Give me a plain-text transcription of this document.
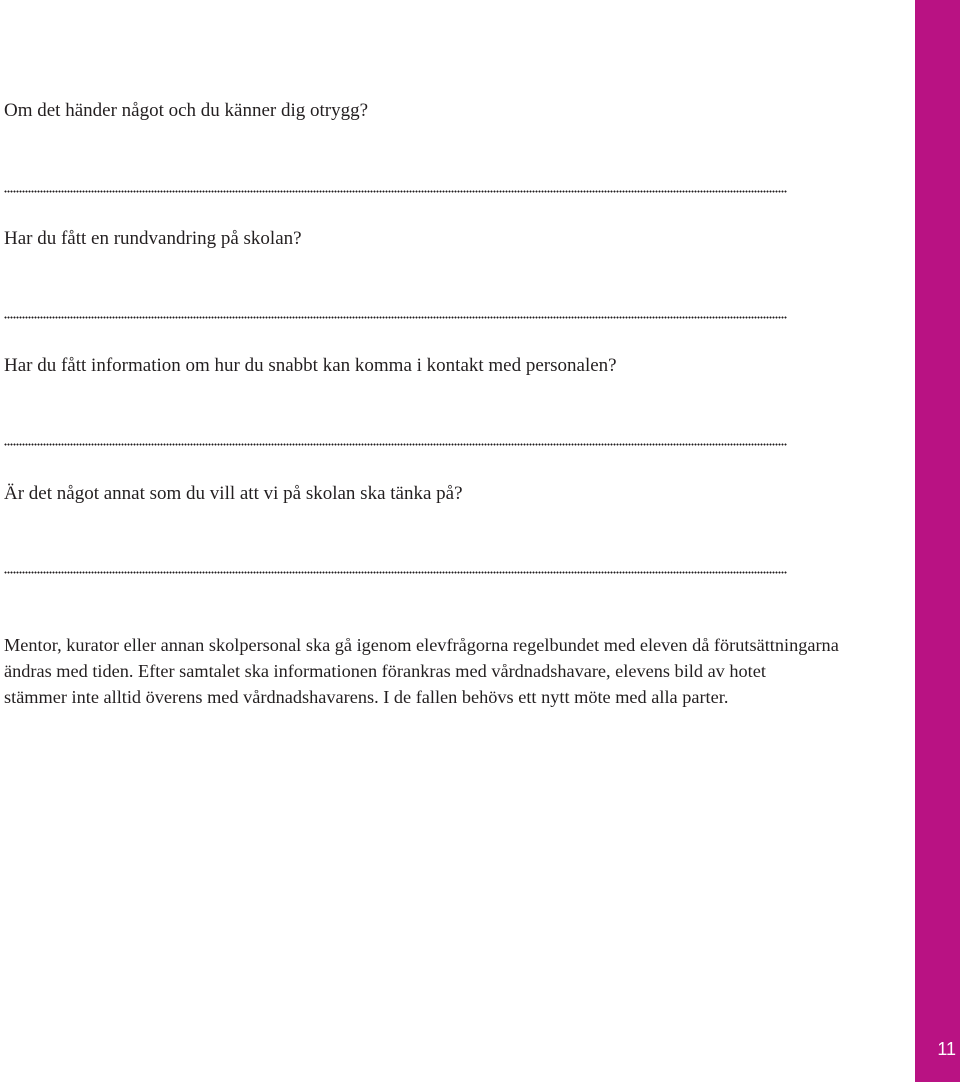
Om det händer något och du känner dig otrygg?
Har du fått en rundvandring på skolan?
Har du fått information om hur du snabbt kan komma i kontakt med personalen?
Är det något annat som du vill att vi på skolan ska tänka på?
Mentor, kurator eller annan skolpersonal ska gå igenom elevfrågorna regelbundet med eleven då förutsättningarna
ändras med tiden. Efter samtalet ska informationen förankras med vårdnadshavare, elevens bild av hotet
stämmer inte alltid överens med vårdnadshavarens. I de fallen behövs ett nytt möte med alla parter.
11
